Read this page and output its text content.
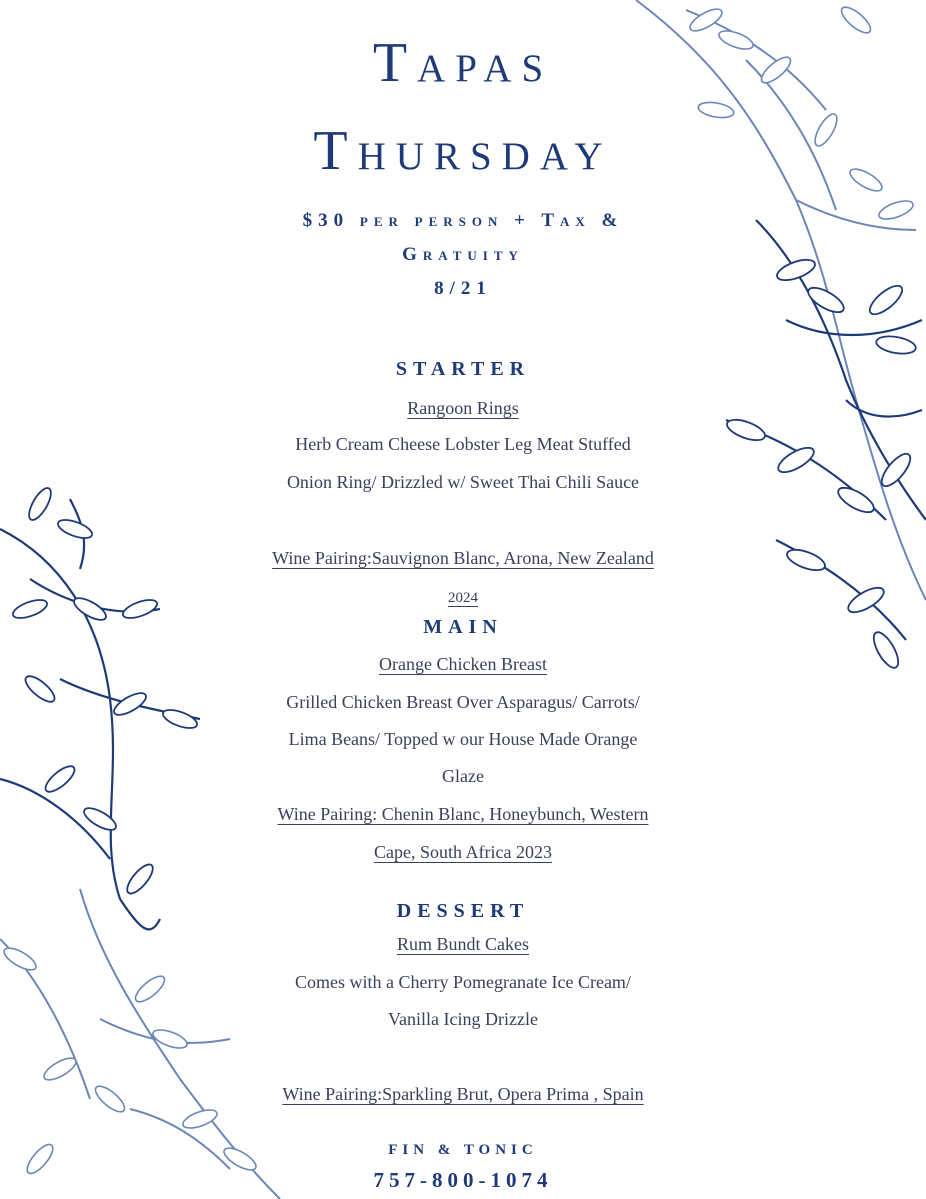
Tapas
Thursday
$30 per person + Tax &
Gratuity
8/21
STARTER
Rangoon Rings
Herb Cream Cheese Lobster Leg Meat Stuffed
Onion Ring/ Drizzled w/ Sweet Thai Chili Sauce
Wine Pairing:Sauvignon Blanc, Arona, New Zealand
2024
MAIN
Orange Chicken Breast
Grilled Chicken Breast Over Asparagus/ Carrots/
Lima Beans/ Topped w our House Made Orange
Glaze
Wine Pairing: Chenin Blanc, Honeybunch, Western
Cape, South Africa 2023
DESSERT
Rum Bundt Cakes
Comes with a Cherry Pomegranate Ice Cream/
Vanilla Icing Drizzle
Wine Pairing:Sparkling Brut, Opera Prima , Spain
FIN & TONIC
757-800-1074
